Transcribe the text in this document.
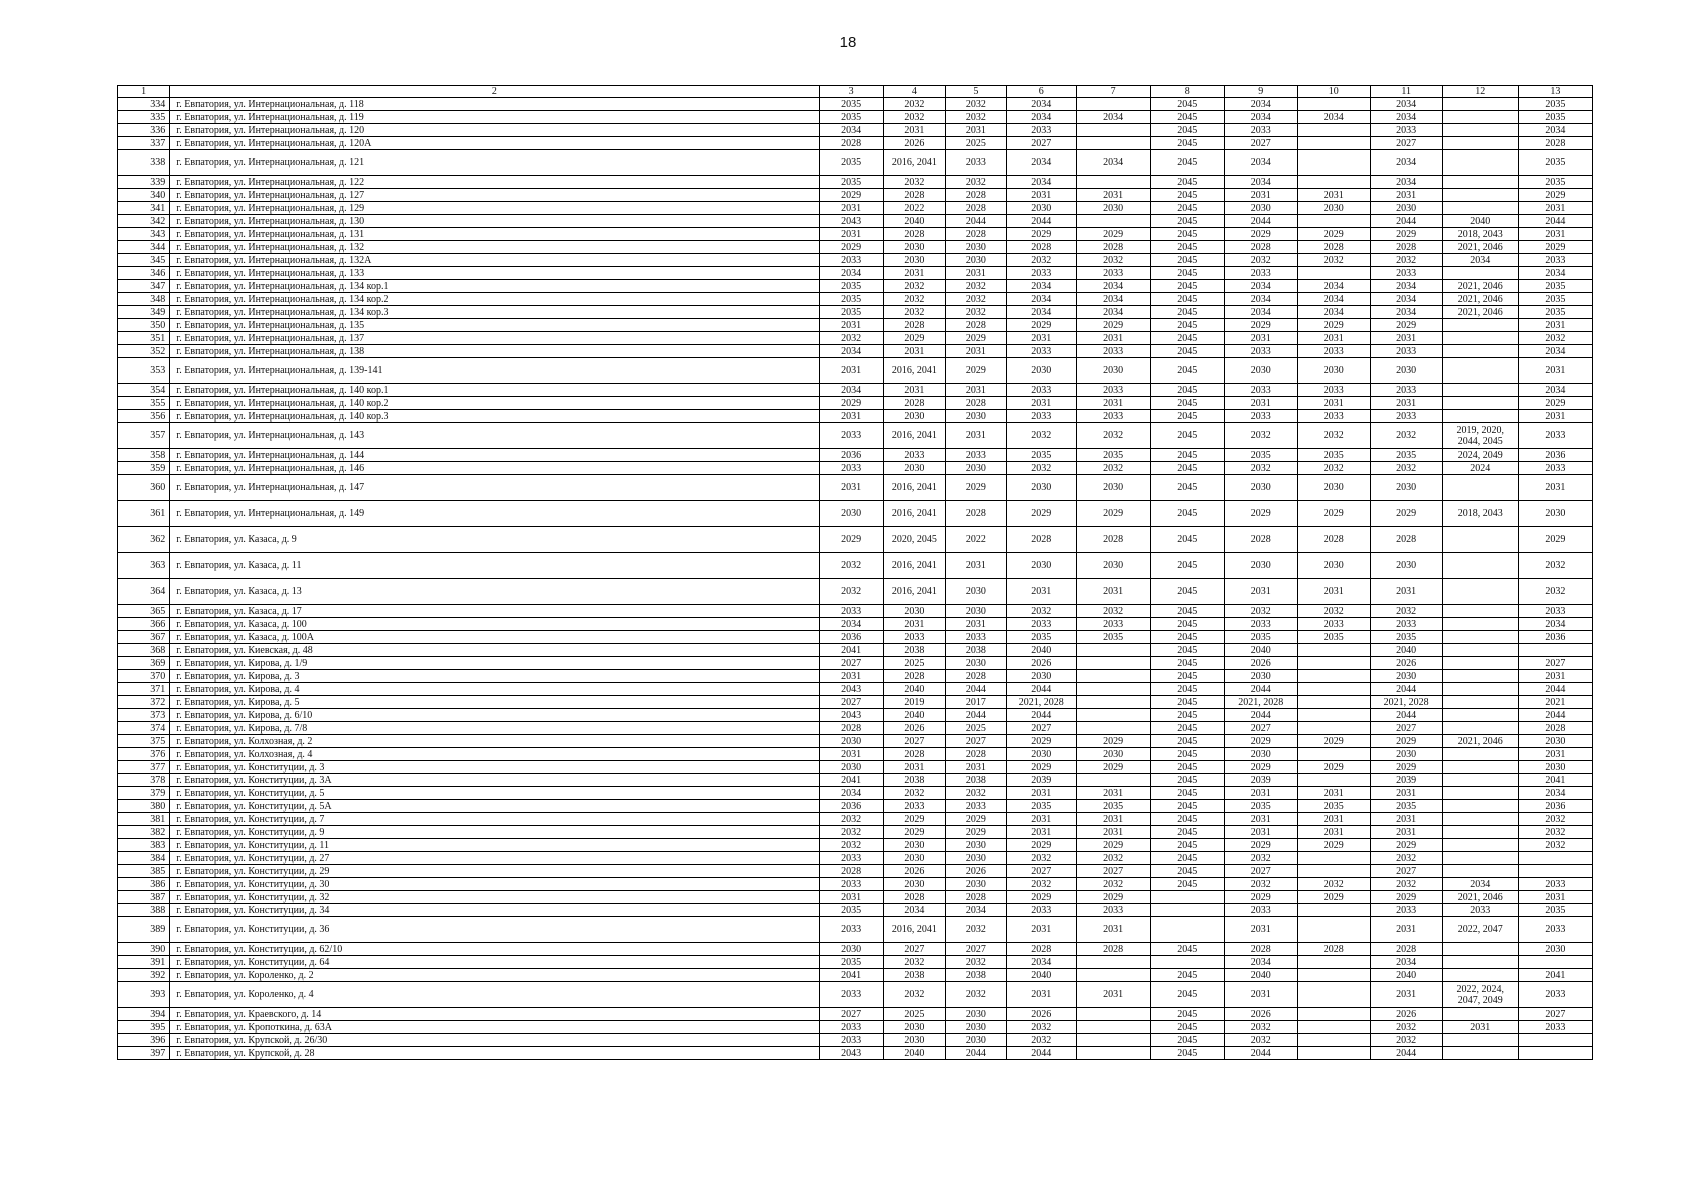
18
1	2	3	4	5	6	7	8	9	10	11	12	13
334	г. Евпатория, ул. Интернациональная, д. 118	2035	2032	2032	2034		2045	2034		2034		2035
335	г. Евпатория, ул. Интернациональная, д. 119	2035	2032	2032	2034	2034	2045	2034	2034	2034		2035
336	г. Евпатория, ул. Интернациональная, д. 120	2034	2031	2031	2033		2045	2033		2033		2034
337	г. Евпатория, ул. Интернациональная, д. 120А	2028	2026	2025	2027		2045	2027		2027		2028
338	г. Евпатория, ул. Интернациональная, д. 121	2035	2016, 2041	2033	2034	2034	2045	2034		2034		2035
339	г. Евпатория, ул. Интернациональная, д. 122	2035	2032	2032	2034		2045	2034		2034		2035
340	г. Евпатория, ул. Интернациональная, д. 127	2029	2028	2028	2031	2031	2045	2031	2031	2031		2029
341	г. Евпатория, ул. Интернациональная, д. 129	2031	2022	2028	2030	2030	2045	2030	2030	2030		2031
342	г. Евпатория, ул. Интернациональная, д. 130	2043	2040	2044	2044		2045	2044		2044	2040	2044
343	г. Евпатория, ул. Интернациональная, д. 131	2031	2028	2028	2029	2029	2045	2029	2029	2029	2018, 2043	2031
344	г. Евпатория, ул. Интернациональная, д. 132	2029	2030	2030	2028	2028	2045	2028	2028	2028	2021, 2046	2029
345	г. Евпатория, ул. Интернациональная, д. 132А	2033	2030	2030	2032	2032	2045	2032	2032	2032	2034	2033
346	г. Евпатория, ул. Интернациональная, д. 133	2034	2031	2031	2033	2033	2045	2033		2033		2034
347	г. Евпатория, ул. Интернациональная, д. 134 кор.1	2035	2032	2032	2034	2034	2045	2034	2034	2034	2021, 2046	2035
348	г. Евпатория, ул. Интернациональная, д. 134 кор.2	2035	2032	2032	2034	2034	2045	2034	2034	2034	2021, 2046	2035
349	г. Евпатория, ул. Интернациональная, д. 134 кор.3	2035	2032	2032	2034	2034	2045	2034	2034	2034	2021, 2046	2035
350	г. Евпатория, ул. Интернациональная, д. 135	2031	2028	2028	2029	2029	2045	2029	2029	2029		2031
351	г. Евпатория, ул. Интернациональная, д. 137	2032	2029	2029	2031	2031	2045	2031	2031	2031		2032
352	г. Евпатория, ул. Интернациональная, д. 138	2034	2031	2031	2033	2033	2045	2033	2033	2033		2034
353	г. Евпатория, ул. Интернациональная, д. 139-141	2031	2016, 2041	2029	2030	2030	2045	2030	2030	2030		2031
354	г. Евпатория, ул. Интернациональная, д. 140 кор.1	2034	2031	2031	2033	2033	2045	2033	2033	2033		2034
355	г. Евпатория, ул. Интернациональная, д. 140 кор.2	2029	2028	2028	2031	2031	2045	2031	2031	2031		2029
356	г. Евпатория, ул. Интернациональная, д. 140 кор.3	2031	2030	2030	2033	2033	2045	2033	2033	2033		2031
357	г. Евпатория, ул. Интернациональная, д. 143	2033	2016, 2041	2031	2032	2032	2045	2032	2032	2032	2019, 2020, 2044, 2045	2033
358	г. Евпатория, ул. Интернациональная, д. 144	2036	2033	2033	2035	2035	2045	2035	2035	2035	2024, 2049	2036
359	г. Евпатория, ул. Интернациональная, д. 146	2033	2030	2030	2032	2032	2045	2032	2032	2032	2024	2033
360	г. Евпатория, ул. Интернациональная, д. 147	2031	2016, 2041	2029	2030	2030	2045	2030	2030	2030		2031
361	г. Евпатория, ул. Интернациональная, д. 149	2030	2016, 2041	2028	2029	2029	2045	2029	2029	2029	2018, 2043	2030
362	г. Евпатория, ул. Казаса, д. 9	2029	2020, 2045	2022	2028	2028	2045	2028	2028	2028		2029
363	г. Евпатория, ул. Казаса, д. 11	2032	2016, 2041	2031	2030	2030	2045	2030	2030	2030		2032
364	г. Евпатория, ул. Казаса, д. 13	2032	2016, 2041	2030	2031	2031	2045	2031	2031	2031		2032
365	г. Евпатория, ул. Казаса, д. 17	2033	2030	2030	2032	2032	2045	2032	2032	2032		2033
366	г. Евпатория, ул. Казаса, д. 100	2034	2031	2031	2033	2033	2045	2033	2033	2033		2034
367	г. Евпатория, ул. Казаса, д. 100А	2036	2033	2033	2035	2035	2045	2035	2035	2035		2036
368	г. Евпатория, ул. Киевская, д. 48	2041	2038	2038	2040		2045	2040		2040		
369	г. Евпатория, ул. Кирова, д. 1/9	2027	2025	2030	2026		2045	2026		2026		2027
370	г. Евпатория, ул. Кирова, д. 3	2031	2028	2028	2030		2045	2030		2030		2031
371	г. Евпатория, ул. Кирова, д. 4	2043	2040	2044	2044		2045	2044		2044		2044
372	г. Евпатория, ул. Кирова, д. 5	2027	2019	2017	2021, 2028		2045	2021, 2028		2021, 2028		2021
373	г. Евпатория, ул. Кирова, д. 6/10	2043	2040	2044	2044		2045	2044		2044		2044
374	г. Евпатория, ул. Кирова, д. 7/8	2028	2026	2025	2027		2045	2027		2027		2028
375	г. Евпатория, ул. Колхозная, д. 2	2030	2027	2027	2029	2029	2045	2029	2029	2029	2021, 2046	2030
376	г. Евпатория, ул. Колхозная, д. 4	2031	2028	2028	2030	2030	2045	2030		2030		2031
377	г. Евпатория, ул. Конституции, д. 3	2030	2031	2031	2029	2029	2045	2029	2029	2029		2030
378	г. Евпатория, ул. Конституции, д. 3А	2041	2038	2038	2039		2045	2039		2039		2041
379	г. Евпатория, ул. Конституции, д. 5	2034	2032	2032	2031	2031	2045	2031	2031	2031		2034
380	г. Евпатория, ул. Конституции, д. 5А	2036	2033	2033	2035	2035	2045	2035	2035	2035		2036
381	г. Евпатория, ул. Конституции, д. 7	2032	2029	2029	2031	2031	2045	2031	2031	2031		2032
382	г. Евпатория, ул. Конституции, д. 9	2032	2029	2029	2031	2031	2045	2031	2031	2031		2032
383	г. Евпатория, ул. Конституции, д. 11	2032	2030	2030	2029	2029	2045	2029	2029	2029		2032
384	г. Евпатория, ул. Конституции, д. 27	2033	2030	2030	2032	2032	2045	2032		2032		
385	г. Евпатория, ул. Конституции, д. 29	2028	2026	2026	2027	2027	2045	2027		2027		
386	г. Евпатория, ул. Конституции, д. 30	2033	2030	2030	2032	2032	2045	2032	2032	2032	2034	2033
387	г. Евпатория, ул. Конституции, д. 32	2031	2028	2028	2029	2029		2029	2029	2029	2021, 2046	2031
388	г. Евпатория, ул. Конституции, д. 34	2035	2034	2034	2033	2033		2033		2033	2033	2035
389	г. Евпатория, ул. Конституции, д. 36	2033	2016, 2041	2032	2031	2031		2031		2031	2022, 2047	2033
390	г. Евпатория, ул. Конституции, д. 62/10	2030	2027	2027	2028	2028	2045	2028	2028	2028		2030
391	г. Евпатория, ул. Конституции, д. 64	2035	2032	2032	2034			2034		2034		
392	г. Евпатория, ул. Короленко, д. 2	2041	2038	2038	2040		2045	2040		2040		2041
393	г. Евпатория, ул. Короленко, д. 4	2033	2032	2032	2031	2031	2045	2031		2031	2022, 2024, 2047, 2049	2033
394	г. Евпатория, ул. Краевского, д. 14	2027	2025	2030	2026		2045	2026		2026		2027
395	г. Евпатория, ул. Кропоткина, д. 63А	2033	2030	2030	2032		2045	2032		2032	2031	2033
396	г. Евпатория, ул. Крупской, д. 26/30	2033	2030	2030	2032		2045	2032		2032		
397	г. Евпатория, ул. Крупской, д. 28	2043	2040	2044	2044		2045	2044		2044		
